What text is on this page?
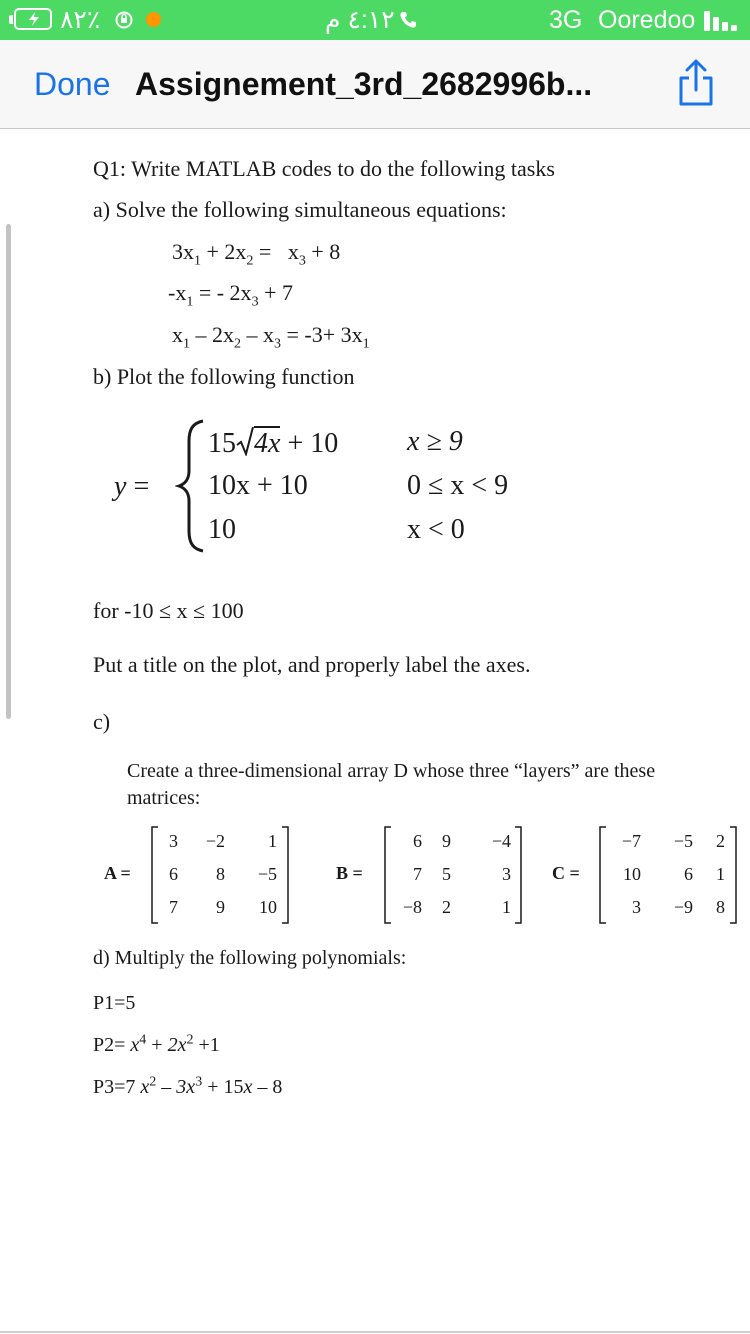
٨٢٪	٤:١٢ م	3G Ooredoo
Done Assignement_3rd_2682996b...
Q1: Write MATLAB codes to do the following tasks
a) Solve the following simultaneous equations:
$3x_1 + 2x_2 = x_3 + 8$
$-x_1$ = - $2x_3 + 7$
$x_1 - 2x_2 - x_3 = -3+ 3x_1$
b) Plot the following function
y =
15 4x + 10 x ≥ 9
10x + 10	0 ≤ x < 9
10	x < 0
for -10 ≤ x ≤ 100
Put a title on the plot, and properly label the axes.
c)
Create a three-dimensional array D whose three “layers” are these
matrices:
A =
3	−2	1
6	8	−5
7	9	10
B =
6	9	−4
7	5	3
−8	2	1
C =
−7	−5	2
10	6	1
3	−9	8
d) Multiply the following polynomials:
P1=5
$P2= x^4 + 2x^2 +1$
P3=7 $x^2 - 3x^3 + 15x - 8$
